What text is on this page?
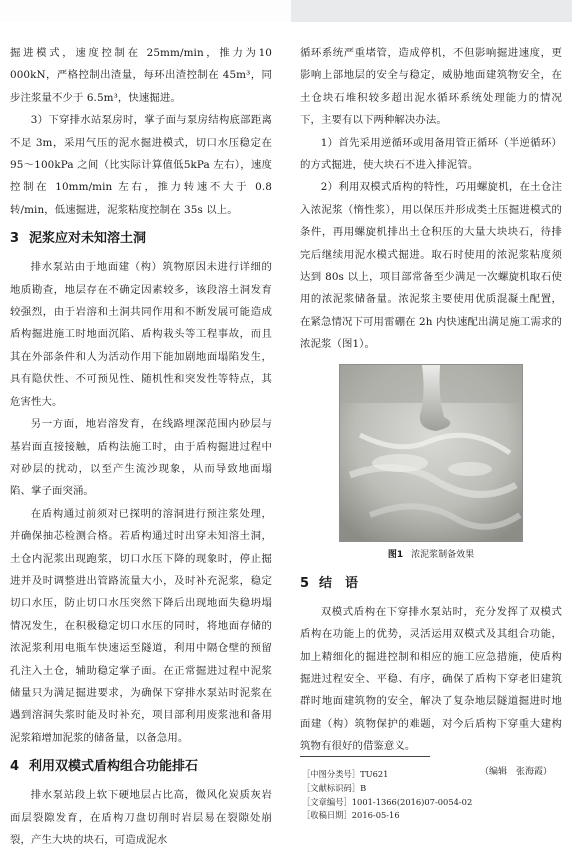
掘进模式，速度控制在 25mm/min，推力为10 000kN，严格控制出渣量，每环出渣控制在 45m³，同步注浆量不少于 6.5m³，快速掘进。

3）下穿排水站泵房时，掌子面与泵房结构底部距离不足 3m，采用气压的泥水掘进模式，切口水压稳定在 95～100kPa 之间（比实际计算值低5kPa 左右），速度控制在 10mm/min 左右，推力转速不大于 0.8 转/min，低速掘进，泥浆粘度控制在 35s 以上。

3 泥浆应对未知溶土洞

排水泵站由于地面建（构）筑物原因未进行详细的地质勘查，地层存在不确定因素较多，该段溶土洞发育较强烈，由于岩溶和土洞共同作用和不断发展可能造成盾构掘进施工时地面沉陷、盾构栽头等工程事故，而且其在外部条件和人为活动作用下能加剧地面塌陷发生，具有隐伏性、不可预见性、随机性和突发性等特点，其危害性大。

另一方面，地岩溶发育，在线路埋深范围内砂层与基岩面直接接触，盾构法施工时，由于盾构掘进过程中对砂层的扰动，以至产生流沙现象，从而导致地面塌陷、掌子面突涌。

在盾构通过前须对已探明的溶洞进行预注浆处理，并确保抽芯检测合格。若盾构通过时出穿未知溶土洞，土仓内泥浆出现跑浆，切口水压下降的现象时，停止掘进并及时调整进出管路流量大小，及时补充泥浆，稳定切口水压，防止切口水压突然下降后出现地面失稳坍塌情况发生，在积极稳定切口水压的同时，将地面存储的浓泥浆利用电瓶车快速运至隧道，利用中隔仓壁的预留孔注入土仓，辅助稳定掌子面。在正常掘进过程中泥浆储量只为满足掘进要求，为确保下穿排水泵站时泥浆在遇到溶洞失浆时能及时补充，项目部利用废浆池和备用泥浆箱增加泥浆的储备量，以备急用。

4 利用双模式盾构组合功能排石

排水泵站段上软下硬地层占比高，微风化炭质灰岩面层裂隙发育，在盾构刀盘切削时岩层易在裂隙处崩裂，产生大块的块石，可造成泥水

循环系统严重堵管，造成停机，不但影响掘进速度，更影响上部地层的安全与稳定，威胁地面建筑物安全，在土仓块石堆积较多超出泥水循环系统处理能力的情况下，主要有以下两种解决办法。

1）首先采用逆循环或用备用管正循环（半逆循环）的方式掘进，使大块石不进入排泥管。

2）利用双模式盾构的特性，巧用螺旋机，在土仓注入浓泥浆（惰性浆），用以保压并形成类土压掘进模式的条件，再用螺旋机排出土仓积压的大量大块块石，待排完后继续用泥水模式掘进。取石时使用的浓泥浆粘度须达到 80s 以上，项目部常备至少满足一次螺旋机取石使用的浓泥浆储备量。浓泥浆主要使用优质混凝土配置，在紧急情况下可用雷硼在 2h 内快速配出满足施工需求的浓泥浆（图1）。

图1 浓泥浆制备效果
5 结　语

双模式盾构在下穿排水泵站时，充分发挥了双模式盾构在功能上的优势，灵活运用双模式及其组合功能，加上精细化的掘进控制和相应的施工应急措施，使盾构掘进过程安全、平稳、有序，确保了盾构下穿老旧建筑群时地面建筑物的安全，解决了复杂地层隧道掘进时地面建（构）筑物保护的难题，对今后盾构下穿重大建构筑物有很好的借鉴意义。

（编辑　张海霞）
［中图分类号］TU621
［文献标识码］B
［文章编号］1001-1366(2016)07-0054-02
［收稿日期］2016-05-16
